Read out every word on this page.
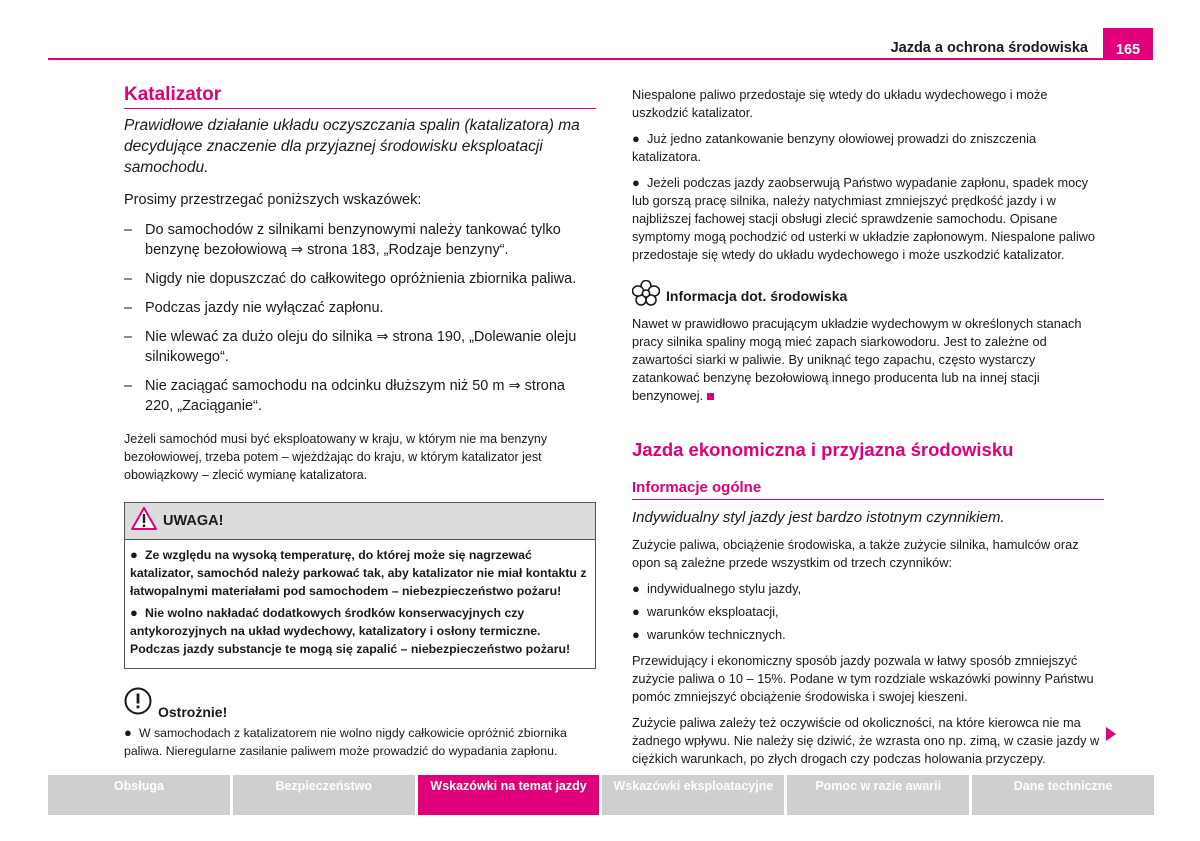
Jazda a ochrona środowiska	165
Katalizator

Prawidłowe działanie układu oczyszczania spalin (katalizatora) ma decydujące znaczenie dla przyjaznej środowisku eksploatacji samochodu.

Prosimy przestrzegać poniższych wskazówek:

– Do samochodów z silnikami benzynowymi należy tankować tylko benzynę bezołowiową ⇒ strona 183, „Rodzaje benzyny“.
– Nigdy nie dopuszczać do całkowitego opróżnienia zbiornika paliwa.
– Podczas jazdy nie wyłączać zapłonu.
– Nie wlewać za dużo oleju do silnika ⇒ strona 190, „Dolewanie oleju silnikowego“.
– Nie zaciągać samochodu na odcinku dłuższym niż 50 m ⇒ strona 220, „Zaciąganie“.

Jeżeli samochód musi być eksploatowany w kraju, w którym nie ma benzyny bezołowiowej, trzeba potem – wjeżdżając do kraju, w którym katalizator jest obowiązkowy – zlecić wymianę katalizatora.

UWAGA!

● Ze względu na wysoką temperaturę, do której może się nagrzewać katalizator, samochód należy parkować tak, aby katalizator nie miał kontaktu z łatwopalnymi materiałami pod samochodem – niebezpieczeństwo pożaru!

● Nie wolno nakładać dodatkowych środków konserwacyjnych czy antykorozyjnych na układ wydechowy, katalizatory i osłony termiczne. Podczas jazdy substancje te mogą się zapalić – niebezpieczeństwo pożaru!

Ostrożnie!

● W samochodach z katalizatorem nie wolno nigdy całkowicie opróżnić zbiornika paliwa. Nieregularne zasilanie paliwem może prowadzić do wypadania zapłonu.

Niespalone paliwo przedostaje się wtedy do układu wydechowego i może uszkodzić katalizator.

● Już jedno zatankowanie benzyny ołowiowej prowadzi do zniszczenia katalizatora.

● Jeżeli podczas jazdy zaobserwują Państwo wypadanie zapłonu, spadek mocy lub gorszą pracę silnika, należy natychmiast zmniejszyć prędkość jazdy i w najbliższej fachowej stacji obsługi zlecić sprawdzenie samochodu. Opisane symptomy mogą pochodzić od usterki w układzie zapłonowym. Niespalone paliwo przedostaje się wtedy do układu wydechowego i może uszkodzić katalizator.

Informacja dot. środowiska

Nawet w prawidłowo pracującym układzie wydechowym w określonych stanach pracy silnika spaliny mogą mieć zapach siarkowodoru. Jest to zależne od zawartości siarki w paliwie. By uniknąć tego zapachu, często wystarczy zatankować benzynę bezołowiową innego producenta lub na innej stacji benzynowej.

Jazda ekonomiczna i przyjazna środowisku
Informacje ogólne

Indywidualny styl jazdy jest bardzo istotnym czynnikiem.

Zużycie paliwa, obciążenie środowiska, a także zużycie silnika, hamulców oraz opon są zależne przede wszystkim od trzech czynników:

● indywidualnego stylu jazdy,
● warunków eksploatacji,
● warunków technicznych.

Przewidujący i ekonomiczny sposób jazdy pozwala w łatwy sposób zmniejszyć zużycie paliwa o 10 – 15%. Podane w tym rozdziale wskazówki powinny Państwu pomóc zmniejszyć obciążenie środowiska i swojej kieszeni.

Zużycie paliwa zależy też oczywiście od okoliczności, na które kierowca nie ma żadnego wpływu. Nie należy się dziwić, że wzrasta ono np. zimą, w czasie jazdy w ciężkich warunkach, po złych drogach czy podczas holowania przyczepy.

Obsługa	Bezpieczeństwo	Wskazówki na temat jazdy	Wskazówki eksploatacyjne	Pomoc w razie awarii	Dane techniczne
